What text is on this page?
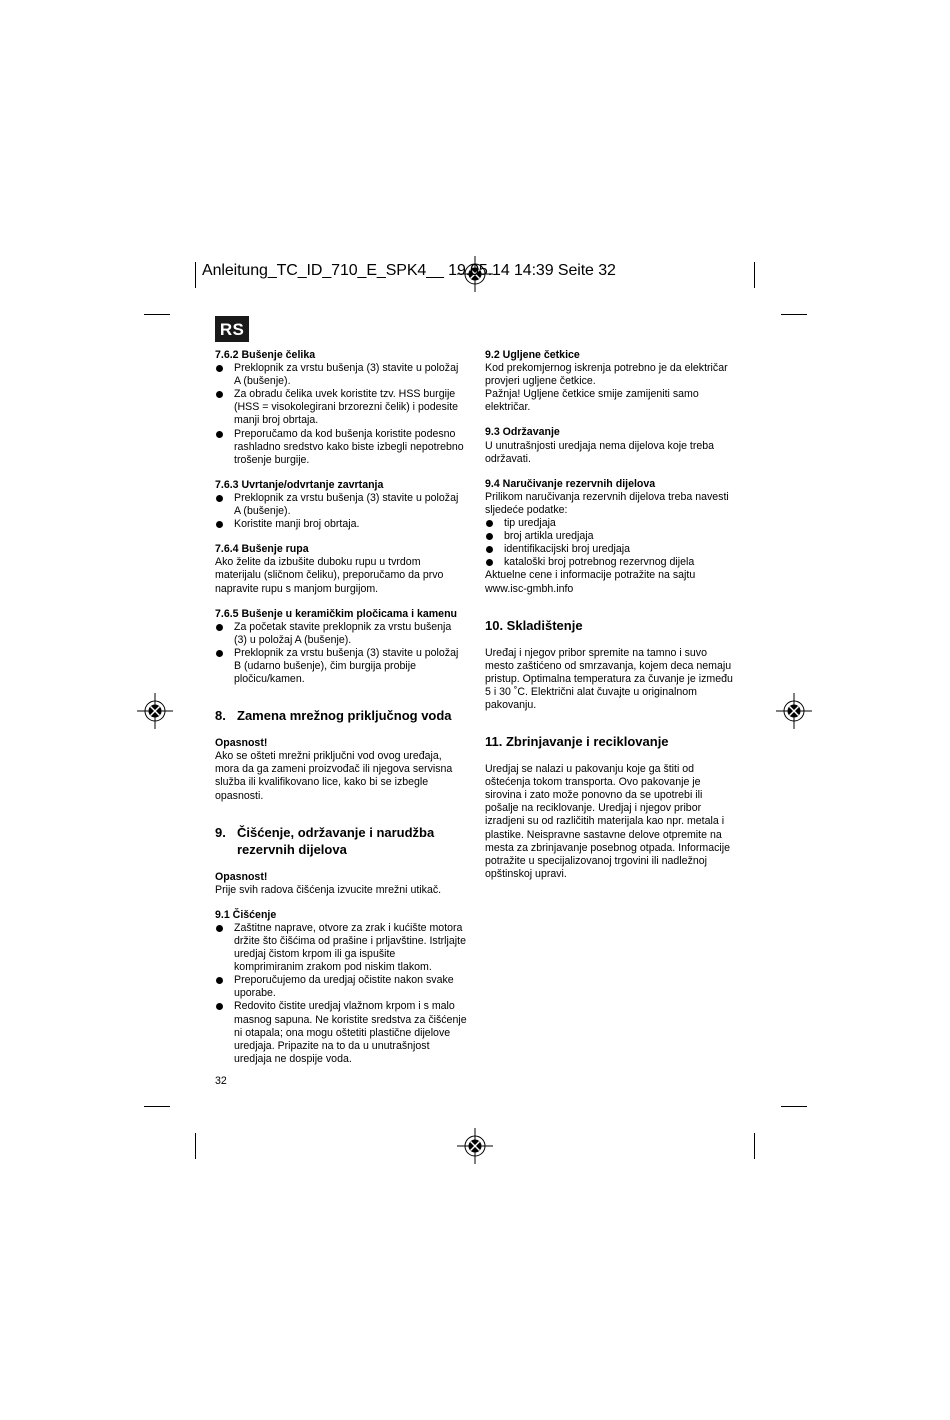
Anleitung_TC_ID_710_E_SPK4__ 19.05.14 14:39 Seite 32
RS
7.6.2 Bušenje čelika
Preklopnik za vrstu bušenja (3) stavite u položaj A (bušenje).
Za obradu čelika uvek koristite tzv. HSS burgije (HSS = visokolegirani brzorezni čelik) i podesite manji broj obrtaja.
Preporučamo da kod bušenja koristite podesno rashladno sredstvo kako biste izbegli nepotrebno trošenje burgije.
7.6.3 Uvrtanje/odvrtanje zavrtanja
Preklopnik za vrstu bušenja (3) stavite u položaj A (bušenje).
Koristite manji broj obrtaja.
7.6.4 Bušenje rupa
Ako želite da izbušite duboku rupu u tvrdom materijalu (sličnom čeliku), preporučamo da prvo napravite rupu s manjom burgijom.
7.6.5 Bušenje u keramičkim pločicama i kamenu
Za početak stavite preklopnik za vrstu bušenja (3) u položaj A (bušenje).
Preklopnik za vrstu bušenja (3) stavite u položaj B (udarno bušenje), čim burgija probije pločicu/kamen.
8. Zamena mrežnog priključnog voda
Opasnost!
Ako se ošteti mrežni priključni vod ovog uređaja, mora da ga zameni proizvođač ili njegova servisna služba ili kvalifikovano lice, kako bi se izbegle opasnosti.
9. Čišćenje, održavanje i narudžba rezervnih dijelova
Opasnost!
Prije svih radova čišćenja izvucite mrežni utikač.
9.1 Čišćenje
Zaštitne naprave, otvore za zrak i kućište motora držite što čišćima od prašine i prljavštine. Istrljajte uredjaj čistom krpom ili ga ispušite komprimiranim zrakom pod niskim tlakom.
Preporučujemo da uredjaj očistite nakon svake uporabe.
Redovito čistite uredjaj vlažnom krpom i s malo masnog sapuna. Ne koristite sredstva za čišćenje ni otapala; ona mogu oštetiti plastične dijelove uredjaja. Pripazite na to da u unutrašnjost uredjaja ne dospije voda.
9.2 Ugljene četkice
Kod prekomjernog iskrenja potrebno je da električar provjeri ugljene četkice.
Pažnja! Ugljene četkice smije zamijeniti samo električar.
9.3 Održavanje
U unutrašnjosti uredjaja nema dijelova koje treba održavati.
9.4 Naručivanje rezervnih dijelova
Prilikom naručivanja rezervnih dijelova treba navesti sljedeće podatke:
tip uredjaja
broj artikla uredjaja
identifikacijski broj uredjaja
kataloški broj potrebnog rezervnog dijela
Aktuelne cene i informacije potražite na sajtu www.isc-gmbh.info
10. Skladištenje
Uređaj i njegov pribor spremite na tamno i suvo mesto zaštićeno od smrzavanja, kojem deca nemaju pristup. Optimalna temperatura za čuvanje je između 5 i 30 ˚C. Električni alat čuvajte u originalnom pakovanju.
11. Zbrinjavanje i reciklovanje
Uredjaj se nalazi u pakovanju koje ga štiti od oštećenja tokom transporta. Ovo pakovanje je sirovina i zato može ponovno da se upotrebi ili pošalje na reciklovanje. Uredjaj i njegov pribor izradjeni su od različitih materijala kao npr. metala i plastike. Neispravne sastavne delove otpremite na mesta za zbrinjavanje posebnog otpada. Informacije potražite u specijalizovanoj trgovini ili nadležnoj opštinskoj upravi.
32
